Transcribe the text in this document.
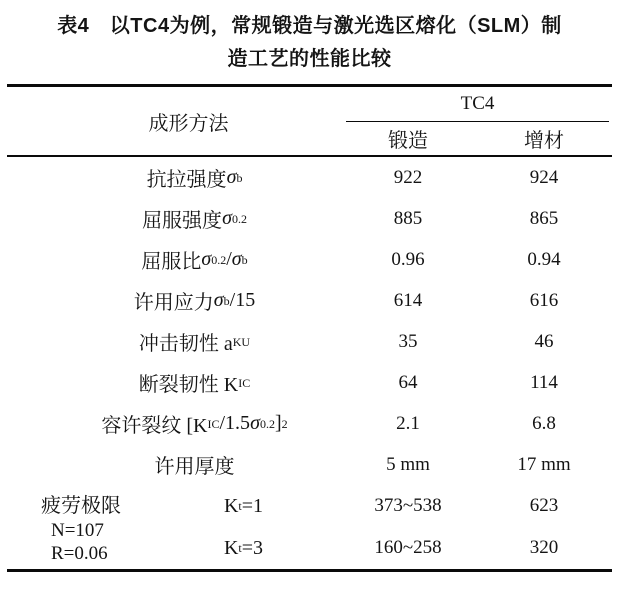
表4　以TC4为例，常规锻造与激光选区熔化（SLM）制
造工艺的性能比较
成形方法
TC4
锻造	增材
抗拉强度 σ b	922	924
屈服强度 σ 0.2	885	865
屈服比 σ 0.2 / σ b	0.96	0.94
许用应力 σ b /15	614	616
冲击韧性 a KU	35	46
断裂韧性 K IC	64	114
容许裂纹 [K IC /1.5 σ 0.2 ] 2	2.1	6.8
许用厚度	5 mm	17 mm
疲劳极限
N=107
R=0.06
K t =1	373~538	623
K t =3	160~258	320
